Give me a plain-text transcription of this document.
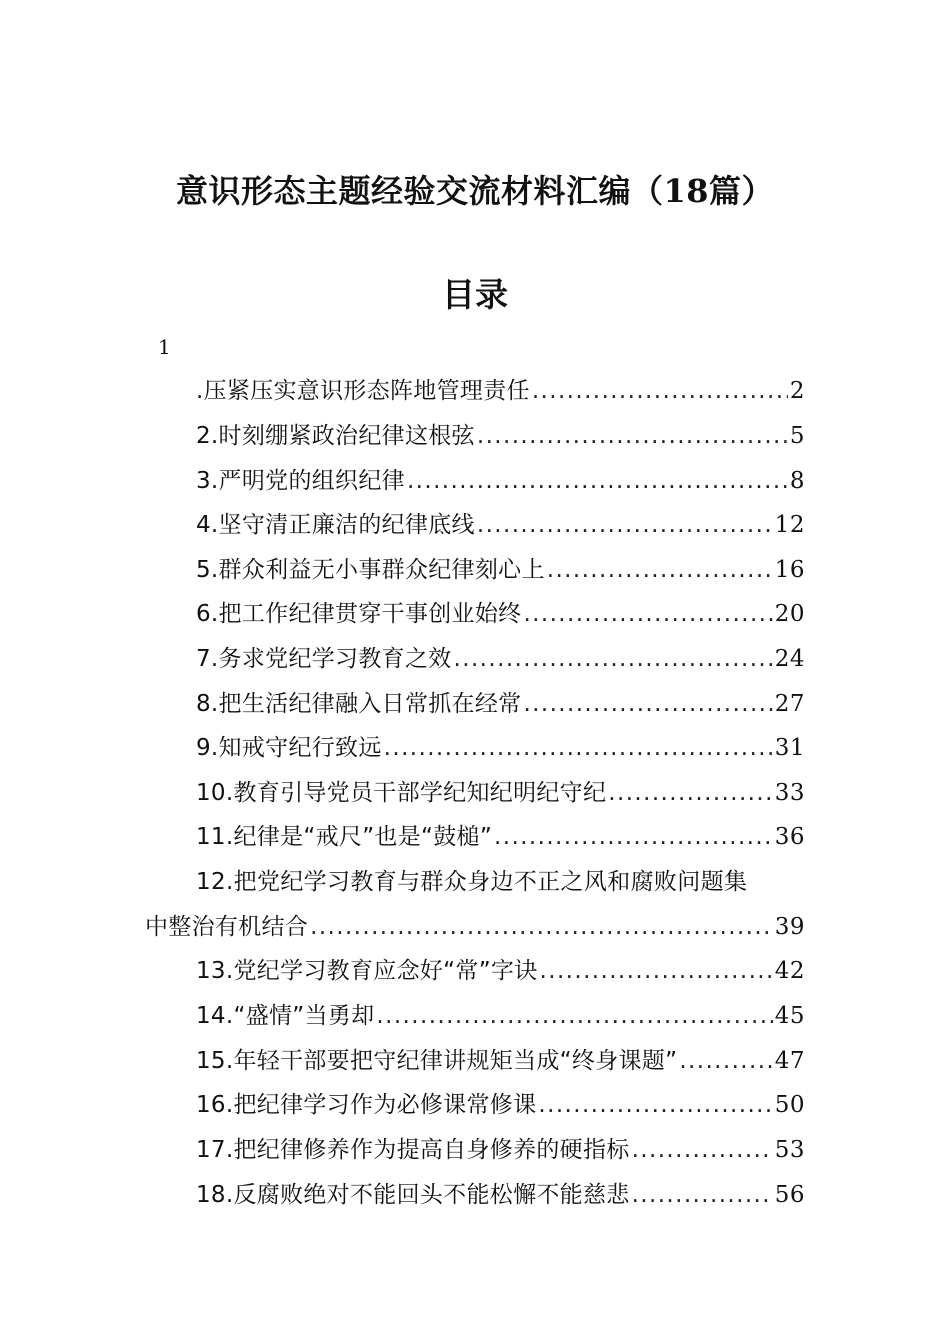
意识形态主题经验交流材料汇编（18篇）
目录
1
.压紧压实意识形态阵地管理责任 .....	2
2.时刻绷紧政治纪律这根弦 .....	5
3.严明党的组织纪律 .....	8
4.坚守清正廉洁的纪律底线 .....	12
5.群众利益无小事群众纪律刻心上 .....	16
6.把工作纪律贯穿干事创业始终 .....	20
7.务求党纪学习教育之效 .....	24
8.把生活纪律融入日常抓在经常 .....	27
9.知戒守纪行致远 .....	31
10.教育引导党员干部学纪知纪明纪守纪 .....	33
11.纪律是“戒尺”也是“鼓槌” .....	36
12.把党纪学习教育与群众身边不正之风和腐败问题集
中整治有机结合 .....	39
13.党纪学习教育应念好“常”字诀 .....	42
14.“盛情”当勇却 .....	45
15.年轻干部要把守纪律讲规矩当成“终身课题” .....	47
16.把纪律学习作为必修课常修课 .....	50
17.把纪律修养作为提高自身修养的硬指标 .....	53
18.反腐败绝对不能回头不能松懈不能慈悲 .....	56
